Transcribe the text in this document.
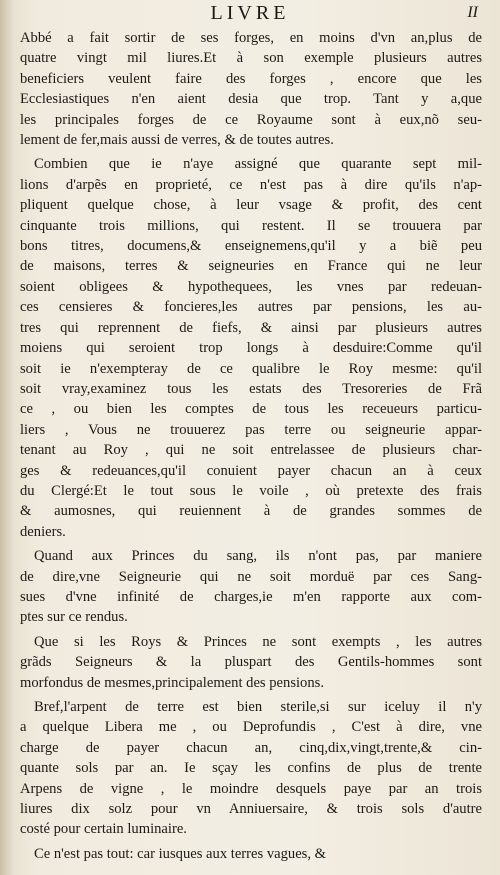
LIVRE	II
Abbé a fait sortir de ses forges, en moins d'vn an,plus de
quatre vingt mil liures.Et à son exemple plusieurs autres
beneficiers veulent faire des forges , encore que les
Ecclesiastiques n'en aient desia que trop. Tant y a,que
les principales forges de ce Royaume sont à eux,nõ seu-
lement de fer,mais aussi de verres, & de toutes autres.
Combien que ie n'aye assigné que quarante sept mil-
lions d'arpẽs en proprieté, ce n'est pas à dire qu'ils n'ap-
pliquent quelque chose, à leur vsage & profit, des cent
cinquante trois millions, qui restent. Il se trouuera par
bons titres, documens,& enseignemens,qu'il y a biẽ peu
de maisons, terres & seigneuries en France qui ne leur
soient obligees & hypothequees, les vnes par redeuan-
ces censieres & foncieres,les autres par pensions, les au-
tres qui reprennent de fiefs, & ainsi par plusieurs autres
moiens qui seroient trop longs à desduire:Comme qu'il
soit ie n'exempteray de ce qualibre le Roy mesme: qu'il
soit vray,examinez tous les estats des Tresoreries de Frã
ce , ou bien les comptes de tous les receueurs particu-
liers , Vous ne trouuerez pas terre ou seigneurie appar-
tenant au Roy , qui ne soit entrelassee de plusieurs char-
ges & redeuances,qu'il conuient payer chacun an à ceux
du Clergé:Et le tout sous le voile , où pretexte des frais
& aumosnes, qui reuiennent à de grandes sommes de
deniers.
Quand aux Princes du sang, ils n'ont pas, par maniere
de dire,vne Seigneurie qui ne soit morduë par ces Sang-
sues d'vne infinité de charges,ie m'en rapporte aux com-
ptes sur ce rendus.
Que si les Roys & Princes ne sont exempts , les autres
grãds Seigneurs & la pluspart des Gentils-hommes sont
morfondus de mesmes,principalement des pensions.
Bref,l'arpent de terre est bien sterile,si sur iceluy il n'y
a quelque Libera me , ou Deprofundis , C'est à dire, vne
charge de payer chacun an, cinq,dix,vingt,trente,& cin-
quante sols par an. Ie sçay les confins de plus de trente
Arpens de vigne , le moindre desquels paye par an trois
liures dix solz pour vn Anniuersaire, & trois sols d'autre
costé pour certain luminaire.
Ce n'est pas tout: car iusques aux terres vagues, &
